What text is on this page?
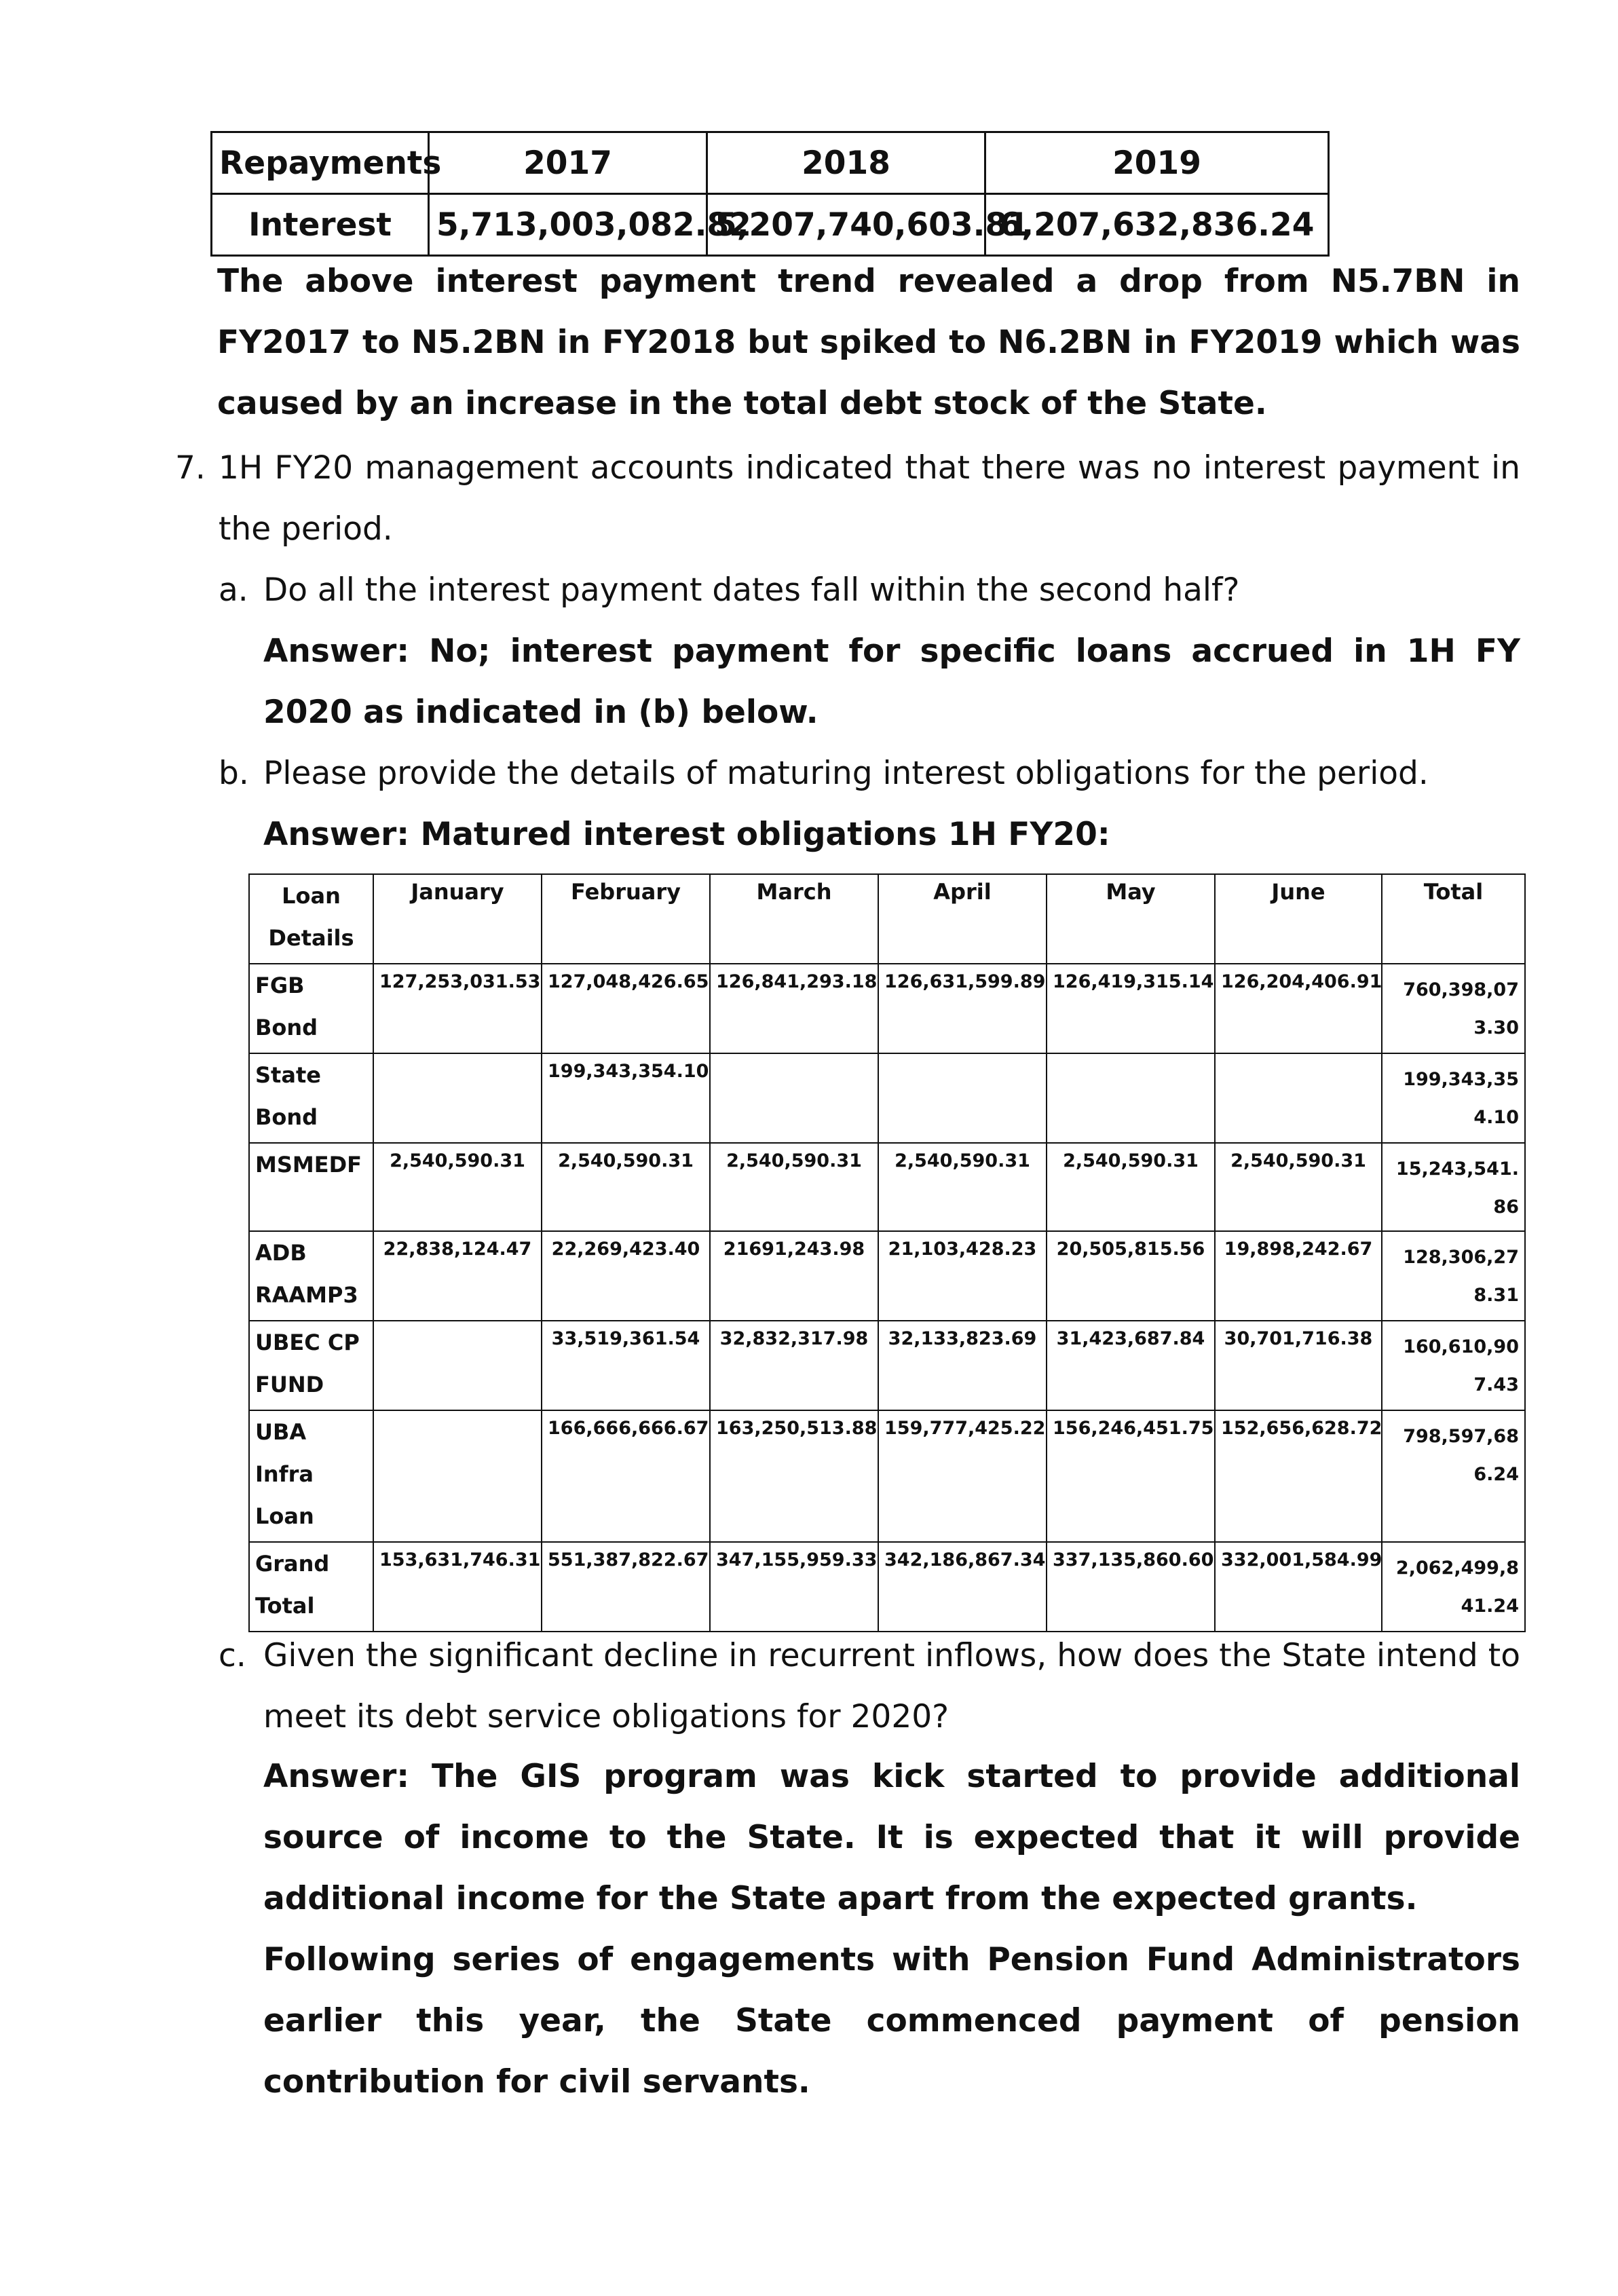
Repayments	2017	2018	2019
Interest	5,713,003,082.82	5,207,740,603.81	6,207,632,836.24
The above interest payment trend revealed a drop from N5.7BN in FY2017 to N5.2BN in FY2018 but spiked to N6.2BN in FY2019 which was caused by an increase in the total debt stock of the State.
7. 1H FY20 management accounts indicated that there was no interest payment in the period.
a. Do all the interest payment dates fall within the second half?
Answer: No; interest payment for specific loans accrued in 1H FY 2020 as indicated in (b) below.
b. Please provide the details of maturing interest obligations for the period.
Answer: Matured interest obligations 1H FY20:
Loan Details	January	February	March	April	May	June	Total
FGB Bond	127,253,031.53	127,048,426.65	126,841,293.18	126,631,599.89	126,419,315.14	126,204,406.91	760,398,073.30
State Bond		199,343,354.10					199,343,354.10
MSMEDF	2,540,590.31	2,540,590.31	2,540,590.31	2,540,590.31	2,540,590.31	2,540,590.31	15,243,541.86
ADB RAAMP3	22,838,124.47	22,269,423.40	21691,243.98	21,103,428.23	20,505,815.56	19,898,242.67	128,306,278.31
UBEC CP FUND		33,519,361.54	32,832,317.98	32,133,823.69	31,423,687.84	30,701,716.38	160,610,907.43
UBA Infra Loan		166,666,666.67	163,250,513.88	159,777,425.22	156,246,451.75	152,656,628.72	798,597,686.24
Grand Total	153,631,746.31	551,387,822.67	347,155,959.33	342,186,867.34	337,135,860.60	332,001,584.99	2,062,499,841.24
c. Given the significant decline in recurrent inflows, how does the State intend to meet its debt service obligations for 2020?
Answer: The GIS program was kick started to provide additional source of income to the State. It is expected that it will provide additional income for the State apart from the expected grants.
Following series of engagements with Pension Fund Administrators earlier this year, the State commenced payment of pension contribution for civil servants.
